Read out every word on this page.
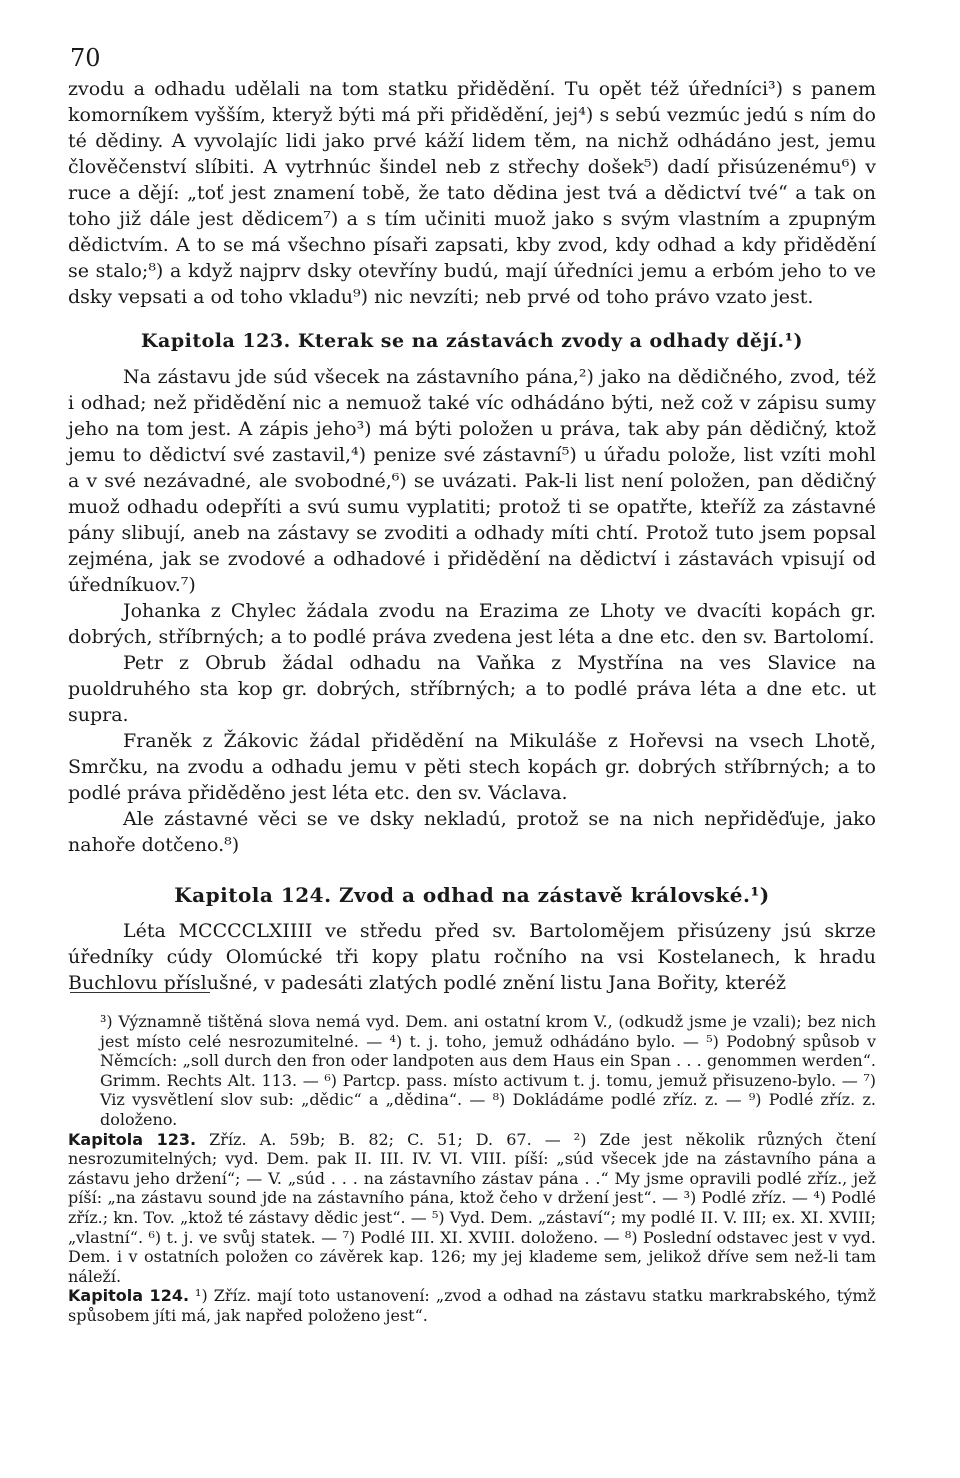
70

zvodu a odhadu udělali na tom statku přidědění. Tu opět též úředníci³) s panem komorníkem vyšším, kteryž býti má při přidědění, jej⁴) s sebú vezmúc jedú s ním do té dědiny. A vyvolajíc lidi jako prvé káží lidem těm, na nichž odhádáno jest, jemu člověčenství slíbiti. A vytrhnúc šindel neb z střechy došek⁵) dadí přisúzenému⁶) v ruce a dějí: „toť jest znamení tobě, že tato dědina jest tvá a dědictví tvé“ a tak on toho již dále jest dědicem⁷) a s tím učiniti muož jako s svým vlastním a zpupným dědictvím. A to se má všechno písaři zapsati, kby zvod, kdy odhad a kdy přidědění se stalo;⁸) a když najprv dsky otevříny budú, mají úředníci jemu a erbóm jeho to ve dsky vepsati a od toho vkladu⁹) nic nevzíti; neb prvé od toho právo vzato jest.

Kapitola 123. Kterak se na zástavách zvody a odhady dějí.¹)

Na zástavu jde súd všecek na zástavního pána,²) jako na dědičného, zvod, též i odhad; než přidědění nic a nemuož také víc odhádáno býti, než což v zápisu sumy jeho na tom jest. A zápis jeho³) má býti položen u práva, tak aby pán dědičný, ktož jemu to dědictví své zastavil,⁴) penize své zástavní⁵) u úřadu polože, list vzíti mohl a v své nezávadné, ale svobodné,⁶) se uvázati. Pak-li list není položen, pan dědičný muož odhadu odepříti a svú sumu vyplatiti; protož ti se opatřte, kteříž za zástavné pány slibují, aneb na zástavy se zvoditi a odhady míti chtí. Protož tuto jsem popsal zejména, jak se zvodové a odhadové i přidědění na dědictví i zástavách vpisují od úředníkuov.⁷)

Johanka z Chylec žádala zvodu na Erazima ze Lhoty ve dvacíti kopách gr. dobrých, stříbrných; a to podlé práva zvedena jest léta a dne etc. den sv. Bartolomí.

Petr z Obrub žádal odhadu na Vaňka z Mystřína na ves Slavice na puoldruhého sta kop gr. dobrých, stříbrných; a to podlé práva léta a dne etc. ut supra.

Franěk z Žákovic žádal přidědění na Mikuláše z Hořevsi na vsech Lhotě, Smrčku, na zvodu a odhadu jemu v pěti stech kopách gr. dobrých stříbrných; a to podlé práva přiděděno jest léta etc. den sv. Václava.

Ale zástavné věci se ve dsky nekladú, protož se na nich nepřiděďuje, jako nahoře dotčeno.⁸)

Kapitola 124. Zvod a odhad na zástavě královské.¹)

Léta MCCCCLXIIII ve středu před sv. Bartolomějem přisúzeny jsú skrze úředníky cúdy Olomúcké tři kopy platu ročního na vsi Kostelanech, k hradu Buchlovu příslušné, v padesáti zlatých podlé znění listu Jana Bořity, kteréž

³) Významně tištěná slova nemá vyd. Dem. ani ostatní krom V., (odkudž jsme je vzali); bez nich jest místo celé nesrozumitelné. — ⁴) t. j. toho, jemuž odhádáno bylo. — ⁵) Podobný spůsob v Němcích: „soll durch den fron oder landpoten aus dem Haus ein Span . . . genommen werden“. Grimm. Rechts Alt. 113. — ⁶) Partcp. pass. místo activum t. j. tomu, jemuž přisuzeno-bylo. — ⁷) Viz vysvětlení slov sub: „dědic“ a „dědina“. — ⁸) Dokládáme podlé zříz. z. — ⁹) Podlé zříz. z. doloženo.

Kapitola 123. Zříz. A. 59b; B. 82; C. 51; D. 67. — ²) Zde jest několik různých čtení nesrozumitelných; vyd. Dem. pak II. III. IV. VI. VIII. píší: „súd všecek jde na zástavního pána a zástavu jeho držení“; — V. „súd . . . na zástavního zástav pána . .“ My jsme opravili podlé zříz., jež píší: „na zástavu sound jde na zástavního pána, ktož čeho v držení jest“. — ³) Podlé zříz. — ⁴) Podlé zříz.; kn. Tov. „ktož té zástavy dědic jest“. — ⁵) Vyd. Dem. „zástaví“; my podlé II. V. III; ex. XI. XVIII; „vlastní“. ⁶) t. j. ve svůj statek. — ⁷) Podlé III. XI. XVIII. doloženo. — ⁸) Poslední odstavec jest v vyd. Dem. i v ostatních položen co závěrek kap. 126; my jej klademe sem, jelikož dříve sem než-li tam náleží.

Kapitola 124. ¹) Zříz. mají toto ustanovení: „zvod a odhad na zástavu statku markrabského, týmž spůsobem jíti má, jak napřed položeno jest“.
